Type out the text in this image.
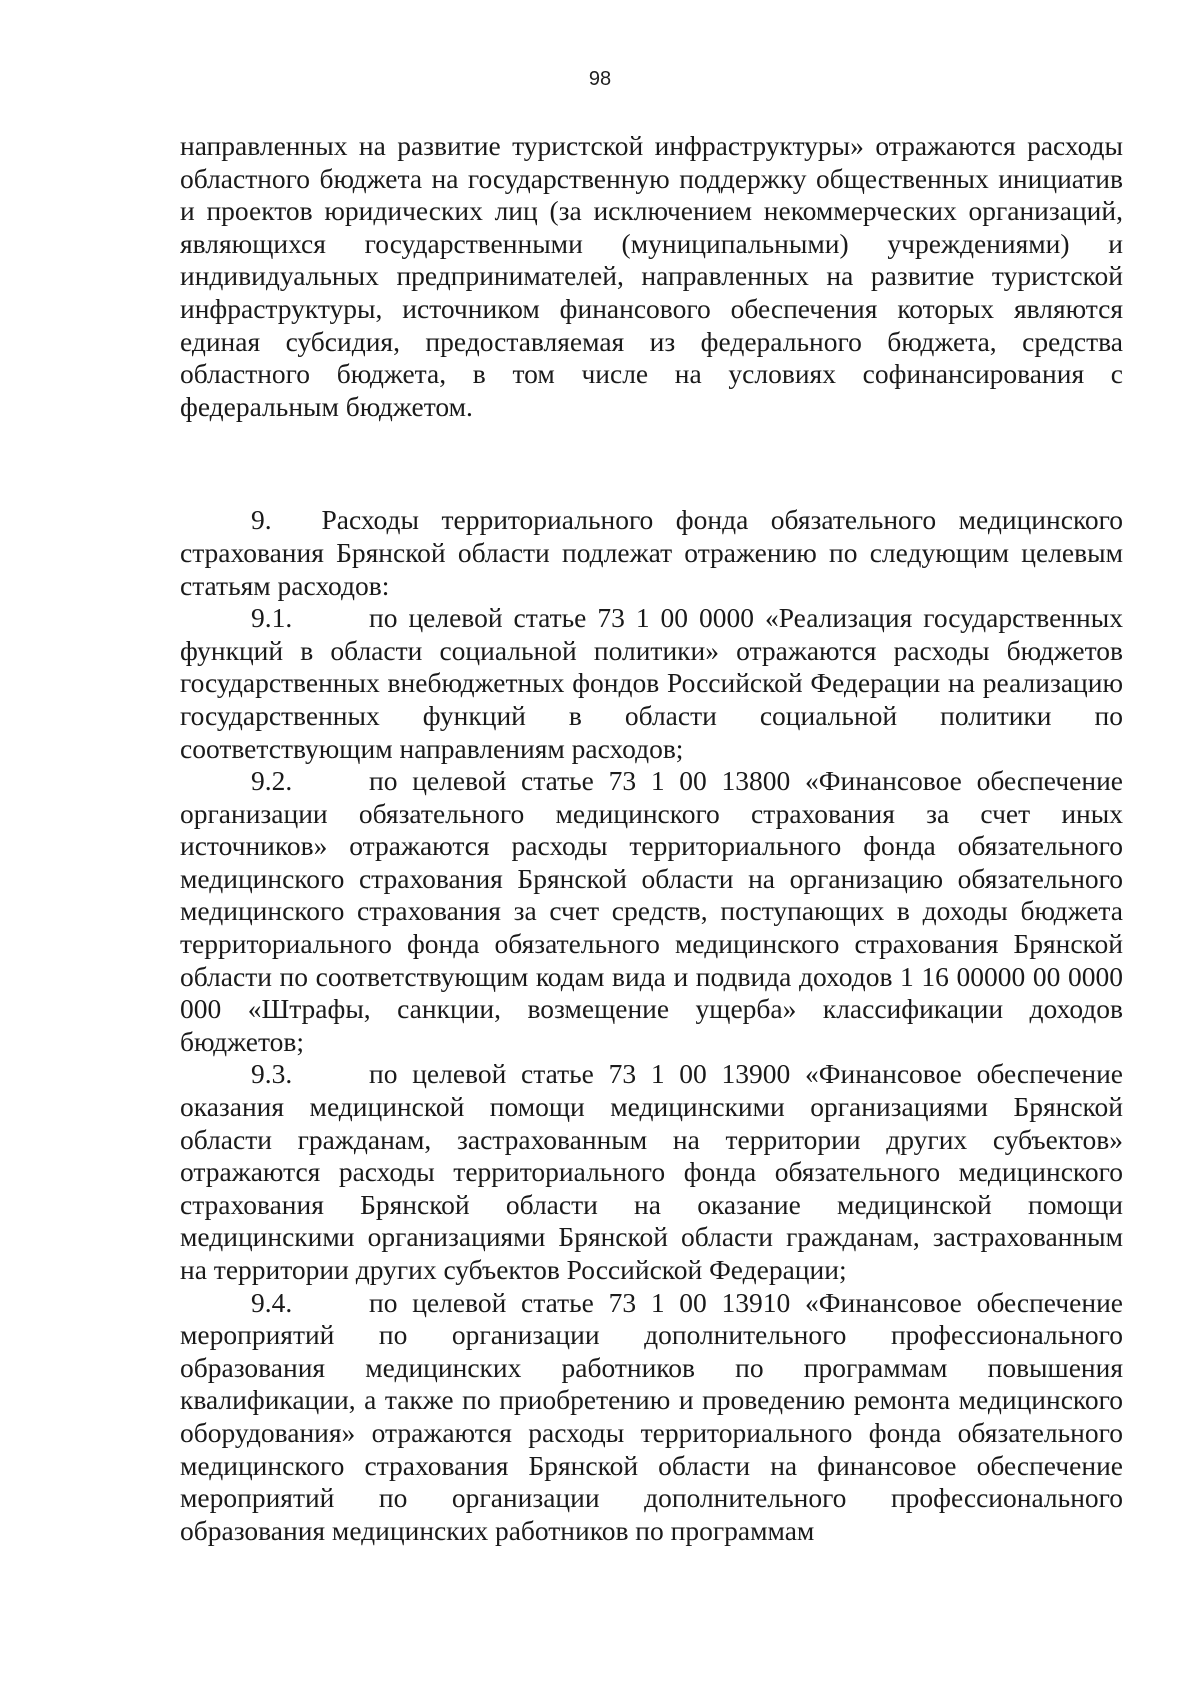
98

направленных на развитие туристской инфраструктуры» отражаются расходы областного бюджета на государственную поддержку общественных инициатив и проектов юридических лиц (за исключением некоммерческих организаций, являющихся государственными (муниципальными) учреждениями) и индивидуальных предпринимателей, направленных на развитие туристской инфраструктуры, источником финансового обеспечения которых являются единая субсидия, предоставляемая из федерального бюджета, средства областного бюджета, в том числе на условиях софинансирования с федеральным бюджетом.

9. Расходы территориального фонда обязательного медицинского страхования Брянской области подлежат отражению по следующим целевым статьям расходов:

9.1.	по целевой статье 73 1 00 0000 «Реализация государственных функций в области социальной политики» отражаются расходы бюджетов государственных внебюджетных фондов Российской Федерации на реализацию государственных функций в области социальной политики по соответствующим направлениям расходов;

9.2.	по целевой статье 73 1 00 13800 «Финансовое обеспечение организации обязательного медицинского страхования за счет иных источников» отражаются расходы территориального фонда обязательного медицинского страхования Брянской области на организацию обязательного медицинского страхования за счет средств, поступающих в доходы бюджета территориального фонда обязательного медицинского страхования Брянской области по соответствующим кодам вида и подвида доходов 1 16 00000 00 0000 000 «Штрафы, санкции, возмещение ущерба» классификации доходов бюджетов;

9.3.	по целевой статье 73 1 00 13900 «Финансовое обеспечение оказания медицинской помощи медицинскими организациями Брянской области гражданам, застрахованным на территории других субъектов» отражаются расходы территориального фонда обязательного медицинского страхования Брянской области на оказание медицинской помощи медицинскими организациями Брянской области гражданам, застрахованным на территории других субъектов Российской Федерации;

9.4.	по целевой статье 73 1 00 13910 «Финансовое обеспечение мероприятий по организации дополнительного профессионального образования медицинских работников по программам повышения квалификации, а также по приобретению и проведению ремонта медицинского оборудования» отражаются расходы территориального фонда обязательного медицинского страхования Брянской области на финансовое обеспечение мероприятий по организации дополнительного профессионального образования медицинских работников по программам
